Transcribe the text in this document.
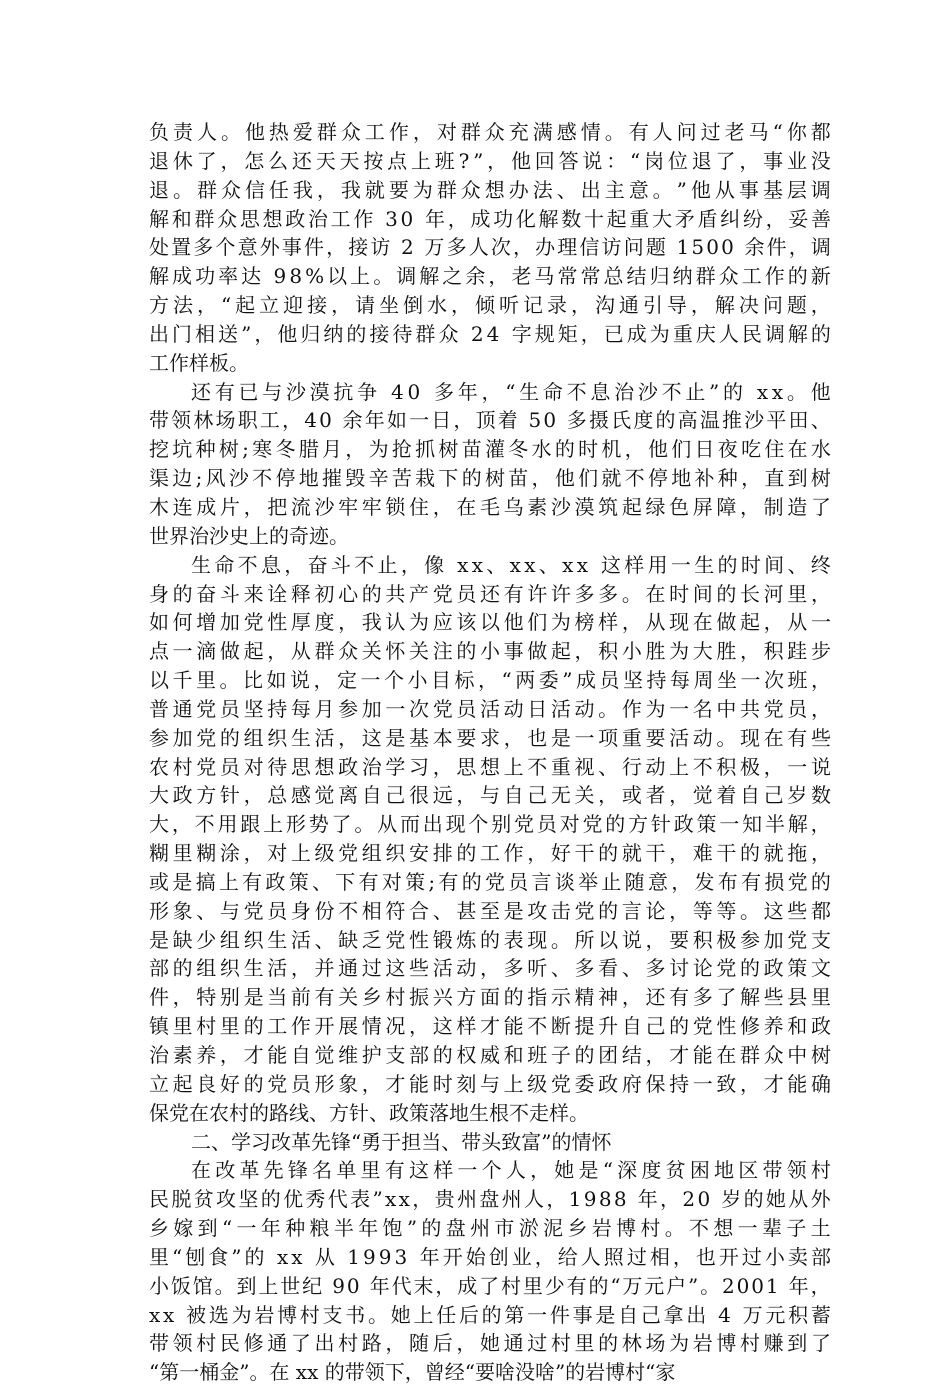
负 责 人 。 他 热 爱 群 众 工 作 ， 对 群 众 充 满 感 情 。 有 人 问 过 老 马 “ 你 都
退 休 了 ， 怎 么 还 天 天 按 点 上 班 ? ” ， 他 回 答 说 ： “ 岗 位 退 了 ， 事 业 没
退 。 群 众 信 任 我 ， 我 就 要 为 群 众 想 办 法 、 出 主 意 。 ” 他 从 事 基 层 调
解 和 群 众 思 想 政 治 工 作
3 0
年 ， 成 功 化 解 数 十 起 重 大 矛 盾 纠 纷 ， 妥 善
处 置 多 个 意 外 事 件 ， 接 访
2
万 多 人 次 ， 办 理 信 访 问 题
1 5 0 0
余 件 ， 调
解 成 功 率 达
9 8 % 以 上 。 调 解 之 余 ， 老 马 常 常 总 结 归 纳 群 众 工 作 的 新
方 法 ， “ 起 立 迎 接 ， 请 坐 倒 水 ， 倾 听 记 录 ， 沟 通 引 导 ， 解 决 问 题 ，
出 门 相 送 ” ， 他 归 纳 的 接 待 群 众
2 4
字 规 矩 ， 已 成 为 重 庆 人 民 调 解 的
工作样板。
还 有 已 与 沙 漠 抗 争
4 0
多 年 ， “ 生 命 不 息 治 沙 不 止 ” 的
x x 。 他
带 领 林 场 职 工 ， 4 0
余 年 如 一 日 ， 顶 着
5 0
多 摄 氏 度 的 高 温 推 沙 平 田 、
挖 坑 种 树 ; 寒 冬 腊 月 ， 为 抢 抓 树 苗 灌 冬 水 的 时 机 ， 他 们 日 夜 吃 住 在 水
渠 边 ; 风 沙 不 停 地 摧 毁 辛 苦 栽 下 的 树 苗 ， 他 们 就 不 停 地 补 种 ， 直 到 树
木 连 成 片 ， 把 流 沙 牢 牢 锁 住 ， 在 毛 乌 素 沙 漠 筑 起 绿 色 屏 障 ， 制 造 了
世界治沙史上的奇迹。
生 命 不 息 ， 奋 斗 不 止 ， 像
x x 、 x x 、 x x
这 样 用 一 生 的 时 间 、 终
身 的 奋 斗 来 诠 释 初 心 的 共 产 党 员 还 有 许 许 多 多 。 在 时 间 的 长 河 里 ，
如 何 增 加 党 性 厚 度 ， 我 认 为 应 该 以 他 们 为 榜 样 ， 从 现 在 做 起 ， 从 一
点 一 滴 做 起 ， 从 群 众 关 怀 关 注 的 小 事 做 起 ， 积 小 胜 为 大 胜 ， 积 跬 步
以 千 里 。 比 如 说 ， 定 一 个 小 目 标 ， “ 两 委 ” 成 员 坚 持 每 周 坐 一 次 班 ，
普 通 党 员 坚 持 每 月 参 加 一 次 党 员 活 动 日 活 动 。 作 为 一 名 中 共 党 员 ，
参 加 党 的 组 织 生 活 ， 这 是 基 本 要 求 ， 也 是 一 项 重 要 活 动 。 现 在 有 些
农 村 党 员 对 待 思 想 政 治 学 习 ， 思 想 上 不 重 视 、 行 动 上 不 积 极 ， 一 说
大 政 方 针 ， 总 感 觉 离 自 己 很 远 ， 与 自 己 无 关 ， 或 者 ， 觉 着 自 己 岁 数
大 ， 不 用 跟 上 形 势 了 。 从 而 出 现 个 别 党 员 对 党 的 方 针 政 策 一 知 半 解 ，
糊 里 糊 涂 ， 对 上 级 党 组 织 安 排 的 工 作 ， 好 干 的 就 干 ， 难 干 的 就 拖 ，
或 是 搞 上 有 政 策 、 下 有 对 策 ; 有 的 党 员 言 谈 举 止 随 意 ， 发 布 有 损 党 的
形 象 、 与 党 员 身 份 不 相 符 合 、 甚 至 是 攻 击 党 的 言 论 ， 等 等 。 这 些 都
是 缺 少 组 织 生 活 、 缺 乏 党 性 锻 炼 的 表 现 。 所 以 说 ， 要 积 极 参 加 党 支
部 的 组 织 生 活 ， 并 通 过 这 些 活 动 ， 多 听 、 多 看 、 多 讨 论 党 的 政 策 文
件 ， 特 别 是 当 前 有 关 乡 村 振 兴 方 面 的 指 示 精 神 ， 还 有 多 了 解 些 县 里
镇 里 村 里 的 工 作 开 展 情 况 ， 这 样 才 能 不 断 提 升 自 己 的 党 性 修 养 和 政
治 素 养 ， 才 能 自 觉 维 护 支 部 的 权 威 和 班 子 的 团 结 ， 才 能 在 群 众 中 树
立 起 良 好 的 党 员 形 象 ， 才 能 时 刻 与 上 级 党 委 政 府 保 持 一 致 ， 才 能 确
保党在农村的路线、方针、政策落地生根不走样。
二、学习改革先锋“勇于担当、带头致富”的情怀
在 改 革 先 锋 名 单 里 有 这 样 一 个 人 ， 她 是 “ 深 度 贫 困 地 区 带 领 村
民 脱 贫 攻 坚 的 优 秀 代 表 ” x x ， 贵 州 盘 州 人 ， 1 9 8 8
年 ， 2 0
岁 的 她 从 外
乡 嫁 到 “ 一 年 种 粮 半 年 饱 ” 的 盘 州 市 淤 泥 乡 岩 博 村 。 不 想 一 辈 子 土
里 “ 刨 食 ” 的
x x
从
1 9 9 3
年 开 始 创 业 ， 给 人 照 过 相 ， 也 开 过 小 卖 部
小 饭 馆 。 到 上 世 纪
9 0
年 代 末 ， 成 了 村 里 少 有 的 “ 万 元 户 ” 。 2 0 0 1
年 ，
x x
被 选 为 岩 博 村 支 书 。 她 上 任 后 的 第 一 件 事 是 自 己 拿 出
4
万 元 积 蓄
带 领 村 民 修 通 了 出 村 路 ， 随 后 ， 她 通 过 村 里 的 林 场 为 岩 博 村 赚 到 了
“第一桶金”。在 xx 的带领下，曾经“要啥没啥”的岩博村“家
